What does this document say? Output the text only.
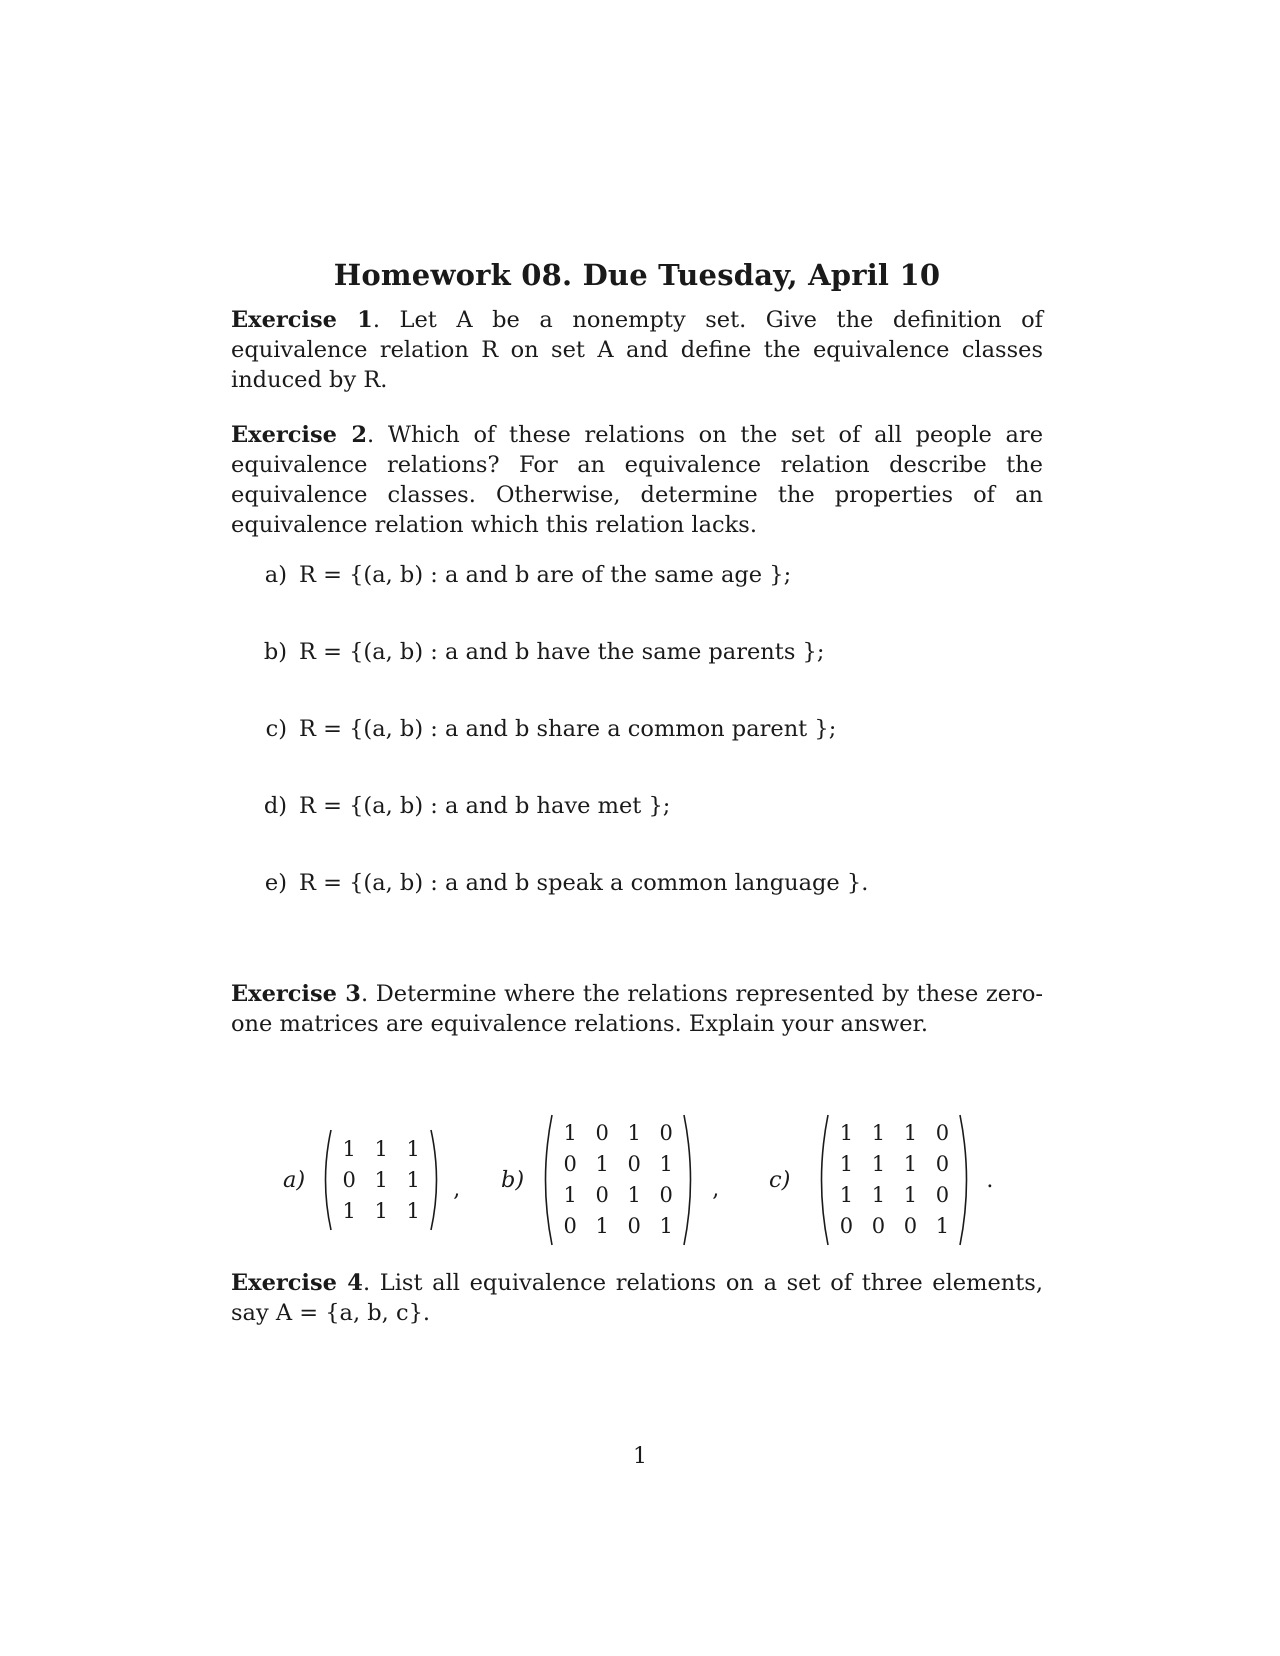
Homework 08. Due Tuesday, April 10
Exercise 1. Let A be a nonempty set. Give the definition of equivalence relation R on set A and define the equivalence classes induced by R.
Exercise 2. Which of these relations on the set of all people are equivalence relations? For an equivalence relation describe the equivalence classes. Otherwise, determine the properties of an equivalence relation which this relation lacks.
a) R = {(a, b) : a and b are of the same age };
b) R = {(a, b) : a and b have the same parents };
c) R = {(a, b) : a and b share a common parent };
d) R = {(a, b) : a and b have met };
e) R = {(a, b) : a and b speak a common language }.
Exercise 3. Determine where the relations represented by these zero-one matrices are equivalence relations. Explain your answer.
a)
1 1 1
0 1 1
1 1 1
, b)
1 0 1 0
0 1 0 1
1 0 1 0
0 1 0 1
, c)
1 1 1 0
1 1 1 0
1 1 1 0
0 0 0 1
.
Exercise 4. List all equivalence relations on a set of three elements, say A = {a, b, c}.
1
